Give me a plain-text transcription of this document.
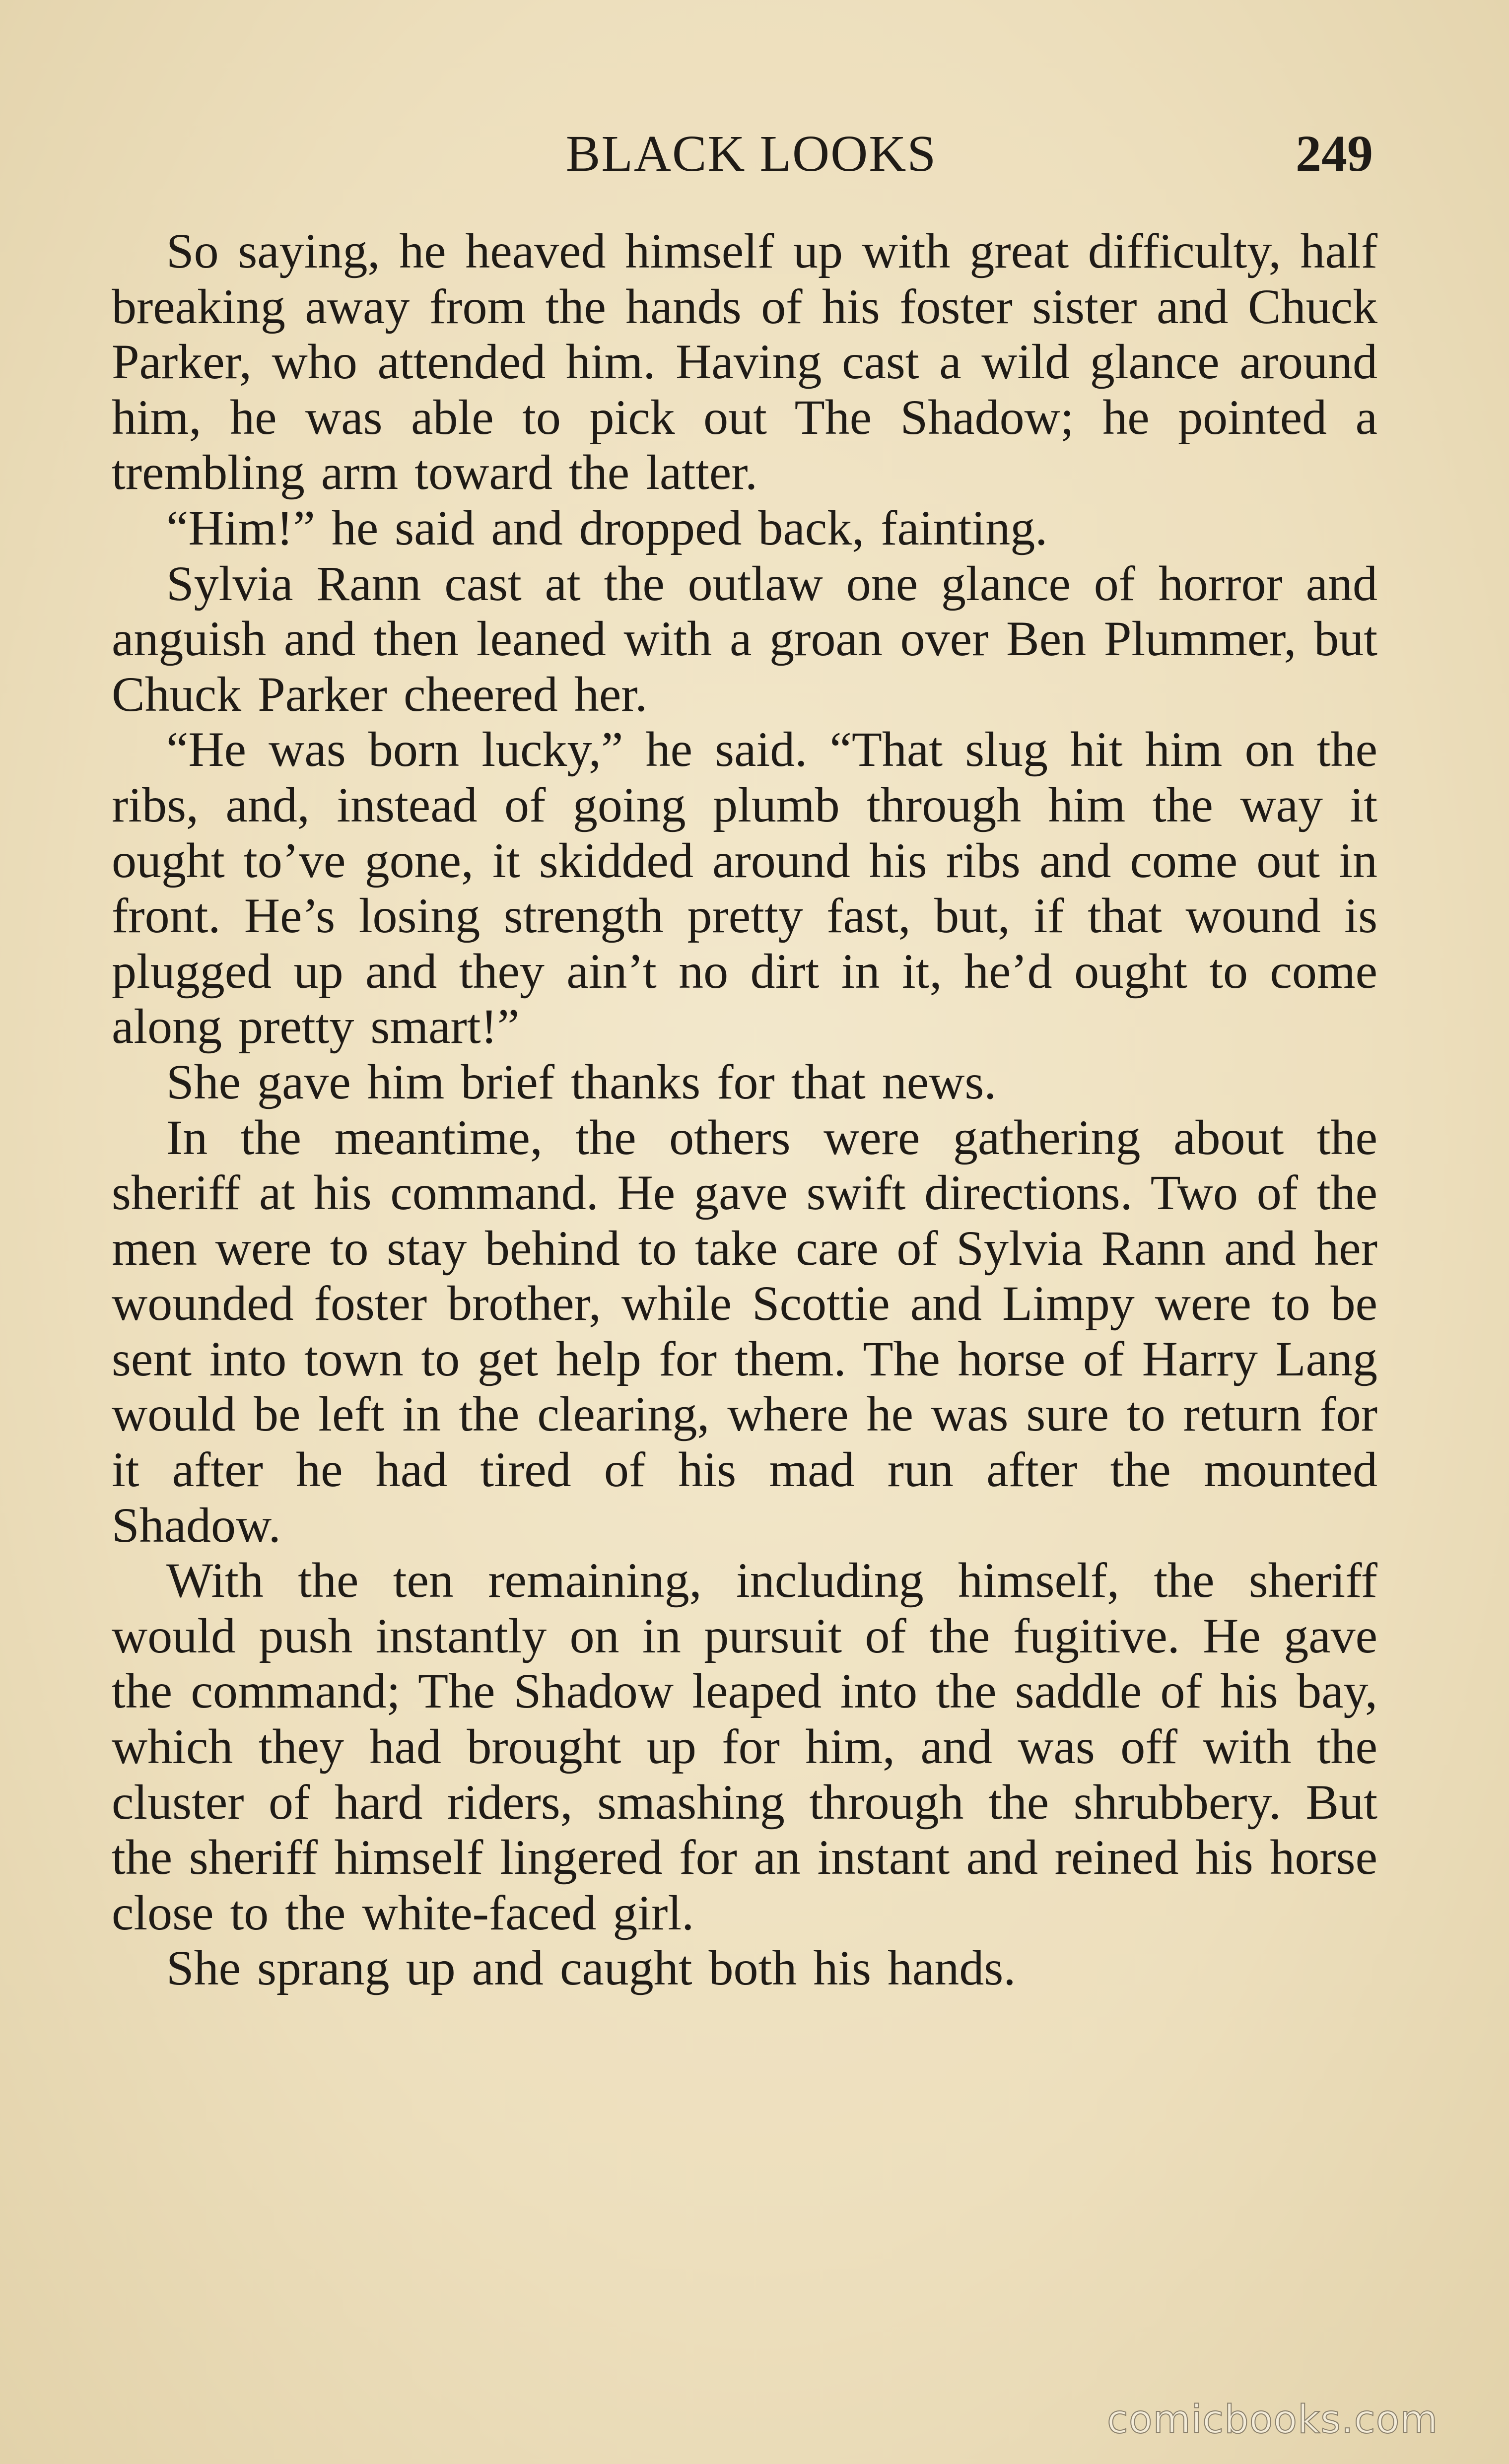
BLACK LOOKS	249

So saying, he heaved himself up with great difficulty, half breaking away from the hands of his foster sister and Chuck Parker, who attended him. Having cast a wild glance around him, he was able to pick out The Shadow; he pointed a trembling arm toward the latter.

“Him!” he said and dropped back, fainting.

Sylvia Rann cast at the outlaw one glance of horror and anguish and then leaned with a groan over Ben Plummer, but Chuck Parker cheered her.

“He was born lucky,” he said. “That slug hit him on the ribs, and, instead of going plumb through him the way it ought to’ve gone, it skidded around his ribs and come out in front. He’s losing strength pretty fast, but, if that wound is plugged up and they ain’t no dirt in it, he’d ought to come along pretty smart!”

She gave him brief thanks for that news.

In the meantime, the others were gathering about the sheriff at his command. He gave swift directions. Two of the men were to stay behind to take care of Sylvia Rann and her wounded foster brother, while Scottie and Limpy were to be sent into town to get help for them. The horse of Harry Lang would be left in the clearing, where he was sure to return for it after he had tired of his mad run after the mounted Shadow.

With the ten remaining, including himself, the sheriff would push instantly on in pursuit of the fugitive. He gave the command; The Shadow leaped into the saddle of his bay, which they had brought up for him, and was off with the cluster of hard riders, smashing through the shrubbery. But the sheriff himself lingered for an instant and reined his horse close to the white-faced girl.

She sprang up and caught both his hands.

comicbooks.com
